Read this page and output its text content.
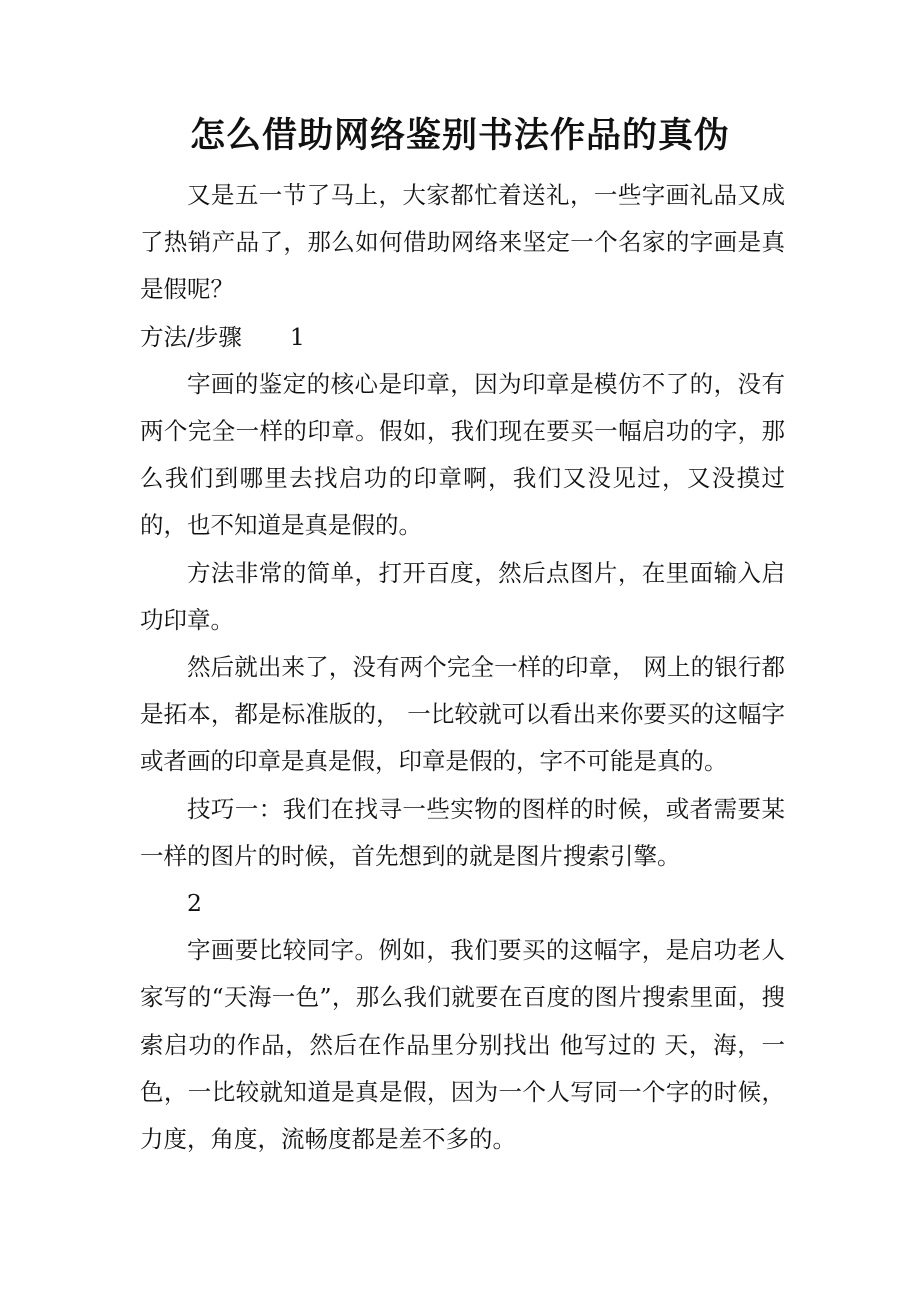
怎么借助网络鉴别书法作品的真伪

又是五一节了马上，大家都忙着送礼，一些字画礼品又成了热销产品了，那么如何借助网络来坚定一个名家的字画是真是假呢？

方法/步骤 1

字画的鉴定的核心是印章，因为印章是模仿不了的，没有两个完全一样的印章。假如，我们现在要买一幅启功的字，那么我们到哪里去找启功的印章啊，我们又没见过，又没摸过的，也不知道是真是假的。

方法非常的简单，打开百度，然后点图片，在里面输入启功印章。

然后就出来了，没有两个完全一样的印章， 网上的银行都是拓本，都是标准版的， 一比较就可以看出来你要买的这幅字或者画的印章是真是假，印章是假的，字不可能是真的。

技巧一：我们在找寻一些实物的图样的时候，或者需要某一样的图片的时候，首先想到的就是图片搜索引擎。

2

字画要比较同字。例如，我们要买的这幅字，是启功老人家写的“天海一色”，那么我们就要在百度的图片搜索里面，搜索启功的作品，然后在作品里分别找出 他写过的 天，海，一色，一比较就知道是真是假，因为一个人写同一个字的时候，力度，角度，流畅度都是差不多的。
